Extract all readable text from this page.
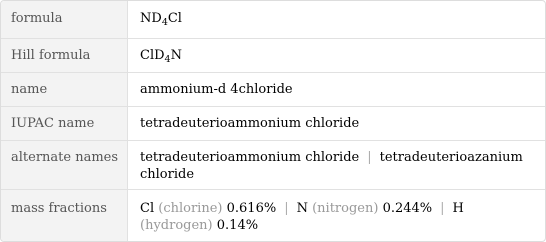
formula	$ND_4Cl$
Hill formula	ClD$_4$N
name	ammonium-d 4chloride
IUPAC name	tetradeuterioammonium chloride
alternate names	tetradeuterioammonium chloride | tetradeuterioazanium
chloride
mass fractions	Cl (chlorine) 0.616% | N (nitrogen) 0.244% | H
(hydrogen) 0.14%
